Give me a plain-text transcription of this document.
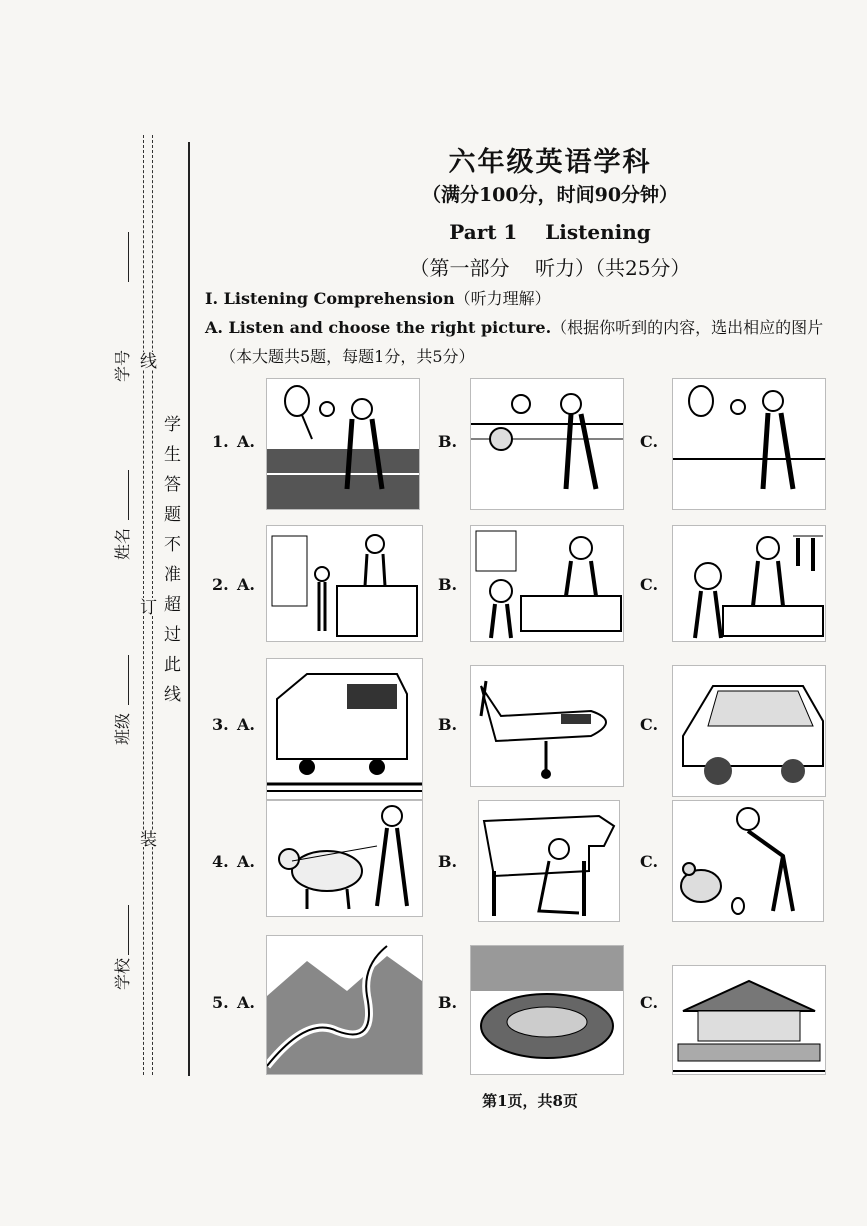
装
订
线
学生答题不准超过此线
学校
班级
姓名
学号
六年级英语学科
（满分100分，时间90分钟）
Part 1    Listening
（第一部分    听力）（共25分）
I. Listening Comprehension（听力理解）
A. Listen and choose the right picture.（根据你听到的内容，选出相应的图片
（本大题共5题，每题1分，共5分）
1. A.	B.	C.
2. A.	B.	C.
3. A.	B.	C.
4. A.	B.	C.
5. A.	B.	C.
第1页，共8页
